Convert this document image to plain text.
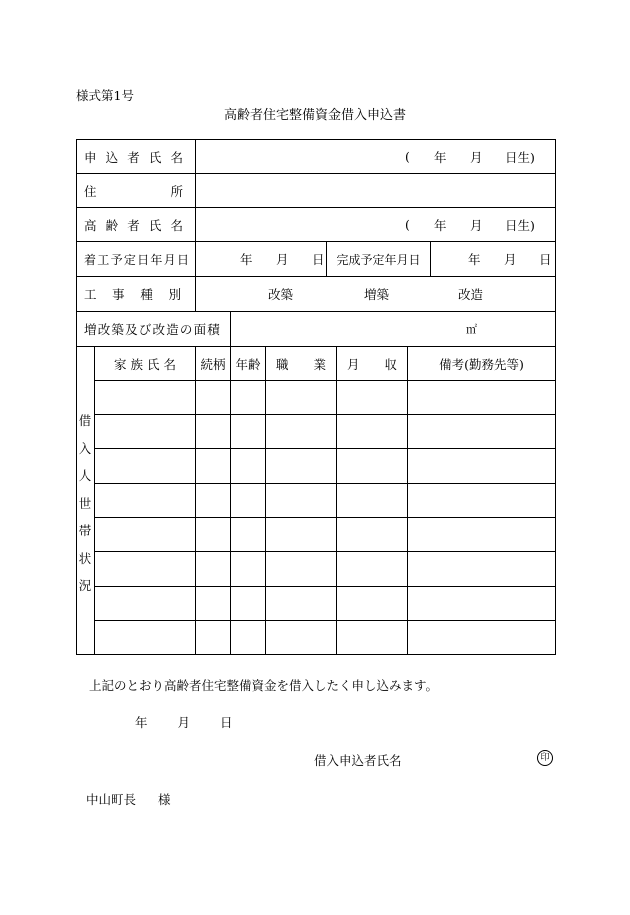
様式第1号
高齢者住宅整備資金借入申込書
申 込 者 氏 名	( 年 月 日生)
住	所
高 齢 者 氏 名	( 年 月 日生)
着 工 予 定 日 年 月 日	年 月 日 完成予定年月日	年 月 日
工 事 種 別	改築	増築	改造
増改築及び改造の面積	㎡
家 族 氏 名	続柄 年齢	職　　業	月　　収	備考(勤務先等)
借
入
人
世
帯
状
況
上記のとおり高齢者住宅整備資金を借入したく申し込みます。
年 月 日
借入申込者氏名	印
中山町長 様
